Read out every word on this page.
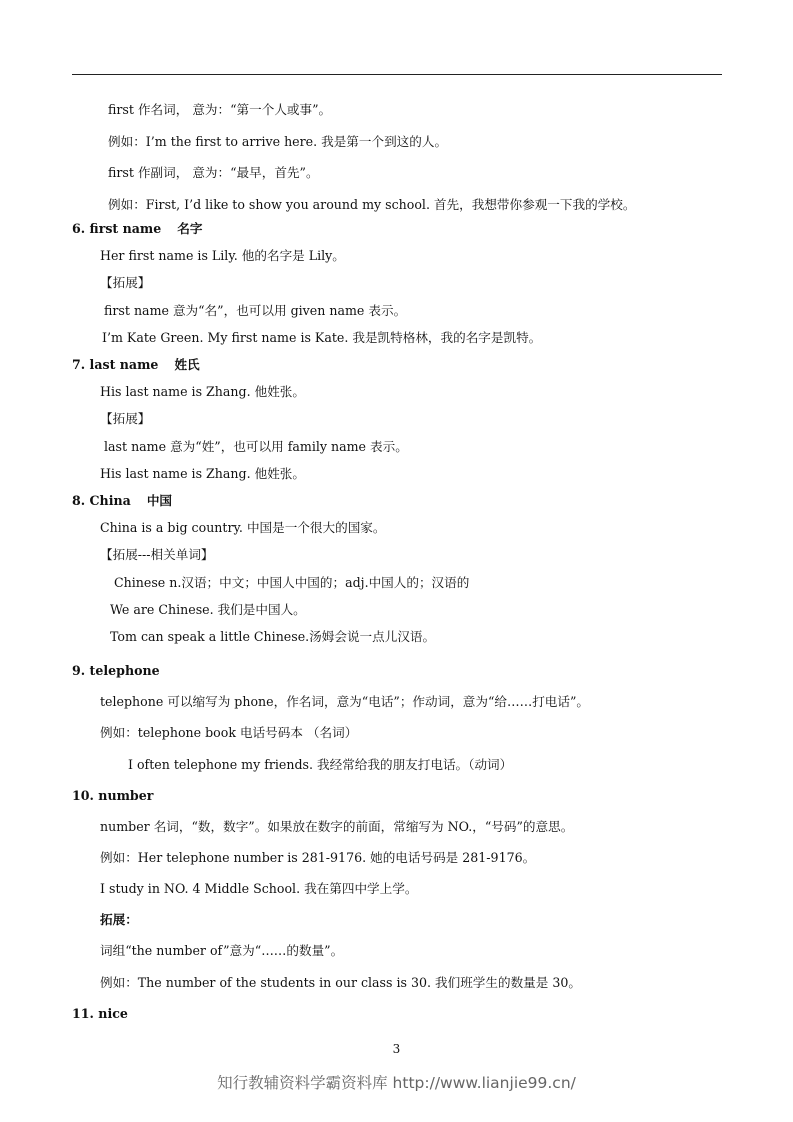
first 作名词， 意为：“第一个人或事”。
例如：I’m the first to arrive here. 我是第一个到这的人。
first 作副词， 意为：“最早，首先”。
例如：First, I’d like to show you around my school. 首先，我想带你参观一下我的学校。
6. first name 名字
Her first name is Lily. 他的名字是 Lily。
【拓展】
first name 意为“名”，也可以用 given name 表示。
I’m Kate Green. My first name is Kate. 我是凯特格林，我的名字是凯特。
7. last name 姓氏
His last name is Zhang. 他姓张。
【拓展】
last name 意为“姓”，也可以用 family name 表示。
His last name is Zhang. 他姓张。
8. China 中国
China is a big country. 中国是一个很大的国家。
【拓展---相关单词】
Chinese n.汉语；中文；中国人中国的；adj.中国人的；汉语的
We are Chinese. 我们是中国人。
Tom can speak a little Chinese.汤姆会说一点儿汉语。
9. telephone
telephone 可以缩写为 phone，作名词，意为“电话”；作动词，意为“给……打电话”。
例如：telephone book 电话号码本 （名词）
I often telephone my friends. 我经常给我的朋友打电话。（动词）
10. number
number 名词，“数，数字”。如果放在数字的前面，常缩写为 NO.，“号码”的意思。
例如：Her telephone number is 281-9176. 她的电话号码是 281-9176。
I study in NO. 4 Middle School. 我在第四中学上学。
拓展：
词组“the number of”意为“……的数量”。
例如：The number of the students in our class is 30. 我们班学生的数量是 30。
11. nice
3
知行教辅资料学霸资料库 http://www.lianjie99.cn/
